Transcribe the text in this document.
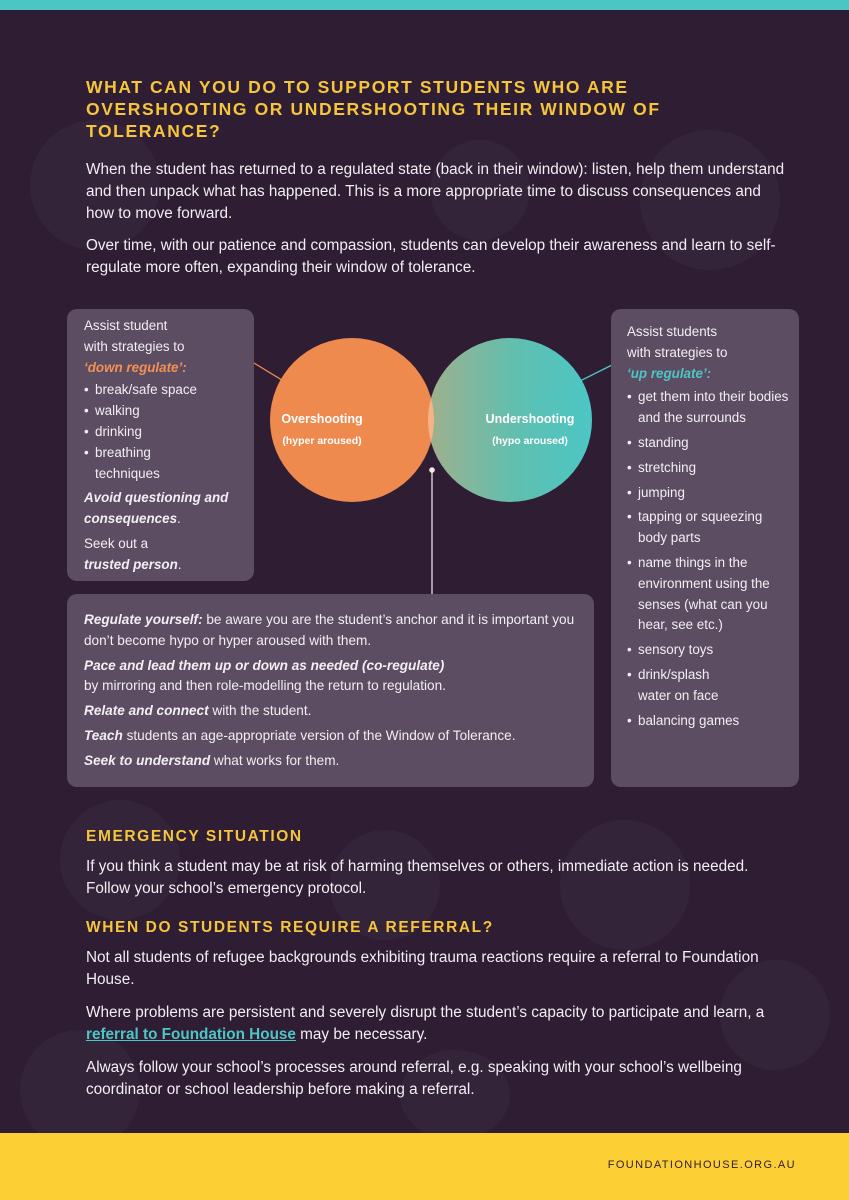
WHAT CAN YOU DO TO SUPPORT STUDENTS WHO ARE OVERSHOOTING OR UNDERSHOOTING THEIR WINDOW OF TOLERANCE?

When the student has returned to a regulated state (back in their window): listen, help them understand and then unpack what has happened. This is a more appropriate time to discuss consequences and how to move forward.

Over time, with our patience and compassion, students can develop their awareness and learn to self-regulate more often, expanding their window of tolerance.

Assist student
with strategies to
‘down regulate’:

• break/safe space
• walking
• drinking
• breathing techniques

Avoid questioning and consequences.

Seek out a
trusted person.

Overshooting
(hyper aroused)
Undershooting
(hypo aroused)

Assist students
with strategies to
‘up regulate’:

• get them into their bodies and the surrounds
• standing
• stretching
• jumping
• tapping or squeezing body parts
• name things in the environment using the senses (what can you hear, see etc.)
• sensory toys
• drink/splash water on face
• balancing games

Regulate yourself: be aware you are the student’s anchor and it is important you don’t become hypo or hyper aroused with them.

Pace and lead them up or down as needed (co-regulate)
by mirroring and then role-modelling the return to regulation.

Relate and connect with the student.

Teach students an age-appropriate version of the Window of Tolerance.

Seek to understand what works for them.

EMERGENCY SITUATION

If you think a student may be at risk of harming themselves or others, immediate action is needed. Follow your school’s emergency protocol.

WHEN DO STUDENTS REQUIRE A REFERRAL?

Not all students of refugee backgrounds exhibiting trauma reactions require a referral to Foundation House.

Where problems are persistent and severely disrupt the student’s capacity to participate and learn, a referral to Foundation House may be necessary.

Always follow your school’s processes around referral, e.g. speaking with your school’s wellbeing coordinator or school leadership before making a referral.

FOUNDATIONHOUSE.ORG.AU
